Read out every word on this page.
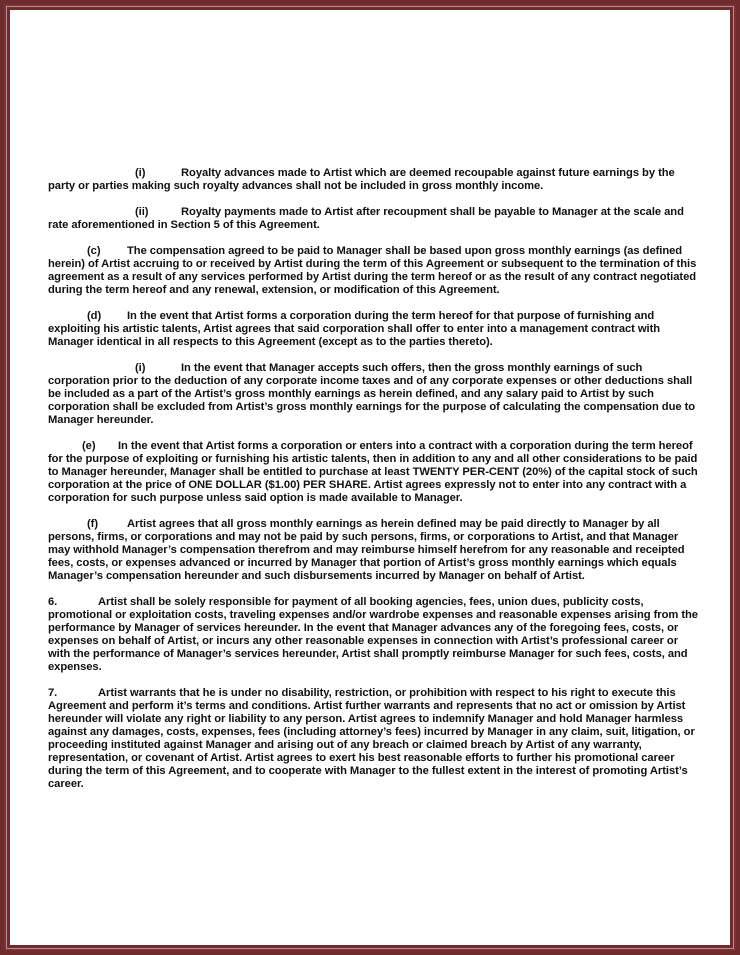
(i)	Royalty advances made to Artist which are deemed recoupable against future earnings by the party or parties making such royalty advances shall not be included in gross monthly income.

(ii)	Royalty payments made to Artist after recoupment shall be payable to Manager at the scale and rate aforementioned in Section 5 of this Agreement.

(c) The compensation agreed to be paid to Manager shall be based upon gross monthly earnings (as defined herein) of Artist accruing to or received by Artist during the term of this Agreement or subsequent to the termination of this agreement as a result of any services performed by Artist during the term hereof or as the result of any contract negotiated during the term hereof and any renewal, extension, or modification of this Agreement.

(d) In the event that Artist forms a corporation during the term hereof for that purpose of furnishing and exploiting his artistic talents, Artist agrees that said corporation shall offer to enter into a management contract with Manager identical in all respects to this Agreement (except as to the parties thereto).

(i)	In the event that Manager accepts such offers, then the gross monthly earnings of such corporation prior to the deduction of any corporate income taxes and of any corporate expenses or other deductions shall be included as a part of the Artist’s gross monthly earnings as herein defined, and any salary paid to Artist by such corporation shall be excluded from Artist’s gross monthly earnings for the purpose of calculating the compensation due to Manager hereunder.

(e) In the event that Artist forms a corporation or enters into a contract with a corporation during the term hereof for the purpose of exploiting or furnishing his artistic talents, then in addition to any and all other considerations to be paid to Manager hereunder, Manager shall be entitled to purchase at least TWENTY PER-CENT (20%) of the capital stock of such corporation at the price of ONE DOLLAR ($1.00) PER SHARE. Artist agrees expressly not to enter into any contract with a corporation for such purpose unless said option is made available to Manager.

(f)	Artist agrees that all gross monthly earnings as herein defined may be paid directly to Manager by all persons, firms, or corporations and may not be paid by such persons, firms, or corporations to Artist, and that Manager may withhold Manager’s compensation therefrom and may reimburse himself herefrom for any reasonable and receipted fees, costs, or expenses advanced or incurred by Manager that portion of Artist’s gross monthly earnings which equals Manager’s compensation hereunder and such disbursements incurred by Manager on behalf of Artist.

6.	Artist shall be solely responsible for payment of all booking agencies, fees, union dues, publicity costs, promotional or exploitation costs, traveling expenses and/or wardrobe expenses and reasonable expenses arising from the performance by Manager of services hereunder. In the event that Manager advances any of the foregoing fees, costs, or expenses on behalf of Artist, or incurs any other reasonable expenses in connection with Artist’s professional career or with the performance of Manager’s services hereunder, Artist shall promptly reimburse Manager for such fees, costs, and expenses.

7.	Artist warrants that he is under no disability, restriction, or prohibition with respect to his right to execute this Agreement and perform it’s terms and conditions. Artist further warrants and represents that no act or omission by Artist hereunder will violate any right or liability to any person. Artist agrees to indemnify Manager and hold Manager harmless against any damages, costs, expenses, fees (including attorney’s fees) incurred by Manager in any claim, suit, litigation, or proceeding instituted against Manager and arising out of any breach or claimed breach by Artist of any warranty, representation, or covenant of Artist. Artist agrees to exert his best reasonable efforts to further his promotional career during the term of this Agreement, and to cooperate with Manager to the fullest extent in the interest of promoting Artist’s career.
